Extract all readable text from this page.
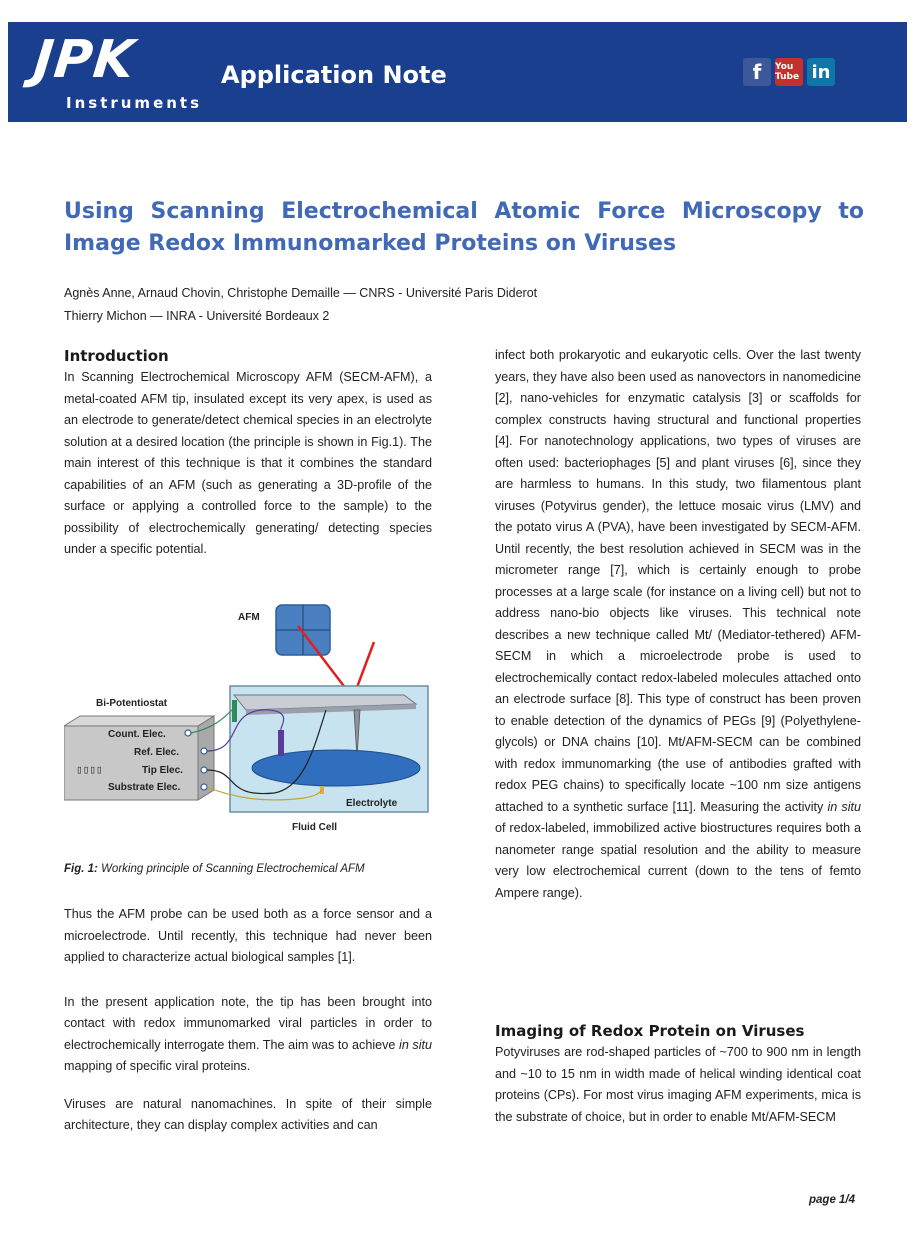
JPK
Instruments
Application Note	f You Tube in
Using Scanning Electrochemical Atomic Force Microscopy to
Image Redox Immunomarked Proteins on Viruses
Agnès Anne, Arnaud Chovin, Christophe Demaille — CNRS - Université Paris Diderot
Thierry Michon — INRA - Université Bordeaux 2
Introduction

In Scanning Electrochemical Microscopy AFM (SECM-AFM), a metal-coated AFM tip, insulated except its very apex, is used as an electrode to generate/detect chemical species in an electrolyte solution at a desired location (the principle is shown in Fig.1). The main interest of this technique is that it combines the standard capabilities of an AFM (such as generating a 3D-profile of the surface or applying a controlled force to the sample) to the possibility of electrochemically generating/ detecting species under a specific potential.

AFM
Electrolyte
Fluid Cell
Bi-Potentiostat
Count. Elec.
Ref. Elec.
Tip Elec.
Substrate Elec.
▯▯▯▯
Fig. 1: Working principle of Scanning Electrochemical AFM

Thus the AFM probe can be used both as a force sensor and a microelectrode. Until recently, this technique had never been applied to characterize actual biological samples [1].

In the present application note, the tip has been brought into contact with redox immunomarked viral particles in order to electrochemically interrogate them. The aim was to achieve in situ mapping of specific viral proteins.

Viruses are natural nanomachines. In spite of their simple architecture, they can display complex activities and can

infect both prokaryotic and eukaryotic cells. Over the last twenty years, they have also been used as nanovectors in nanomedicine [2], nano-vehicles for enzymatic catalysis [3] or scaffolds for complex constructs having structural and functional properties [4]. For nanotechnology applications, two types of viruses are often used: bacteriophages [5] and plant viruses [6], since they are harmless to humans. In this study, two filamentous plant viruses (Potyvirus gender), the lettuce mosaic virus (LMV) and the potato virus A (PVA), have been investigated by SECM-AFM. Until recently, the best resolution achieved in SECM was in the micrometer range [7], which is certainly enough to probe processes at a large scale (for instance on a living cell) but not to address nano-bio objects like viruses. This technical note describes a new technique called Mt/ (Mediator-tethered) AFM-SECM in which a microelectrode probe is used to electrochemically contact redox-labeled molecules attached onto an electrode surface [8]. This type of construct has been proven to enable detection of the dynamics of PEGs [9] (Polyethylene-glycols) or DNA chains [10]. Mt/AFM-SECM can be combined with redox immunomarking (the use of antibodies grafted with redox PEG chains) to specifically locate ~100 nm size antigens attached to a synthetic surface [11]. Measuring the activity in situ of redox-labeled, immobilized active biostructures requires both a nanometer range spatial resolution and the ability to measure very low electrochemical current (down to the tens of femto Ampere range).

Imaging of Redox Protein on Viruses

Potyviruses are rod-shaped particles of ~700 to 900 nm in length and ~10 to 15 nm in width made of helical winding identical coat proteins (CPs). For most virus imaging AFM experiments, mica is the substrate of choice, but in order to enable Mt/AFM-SECM

page 1/4
